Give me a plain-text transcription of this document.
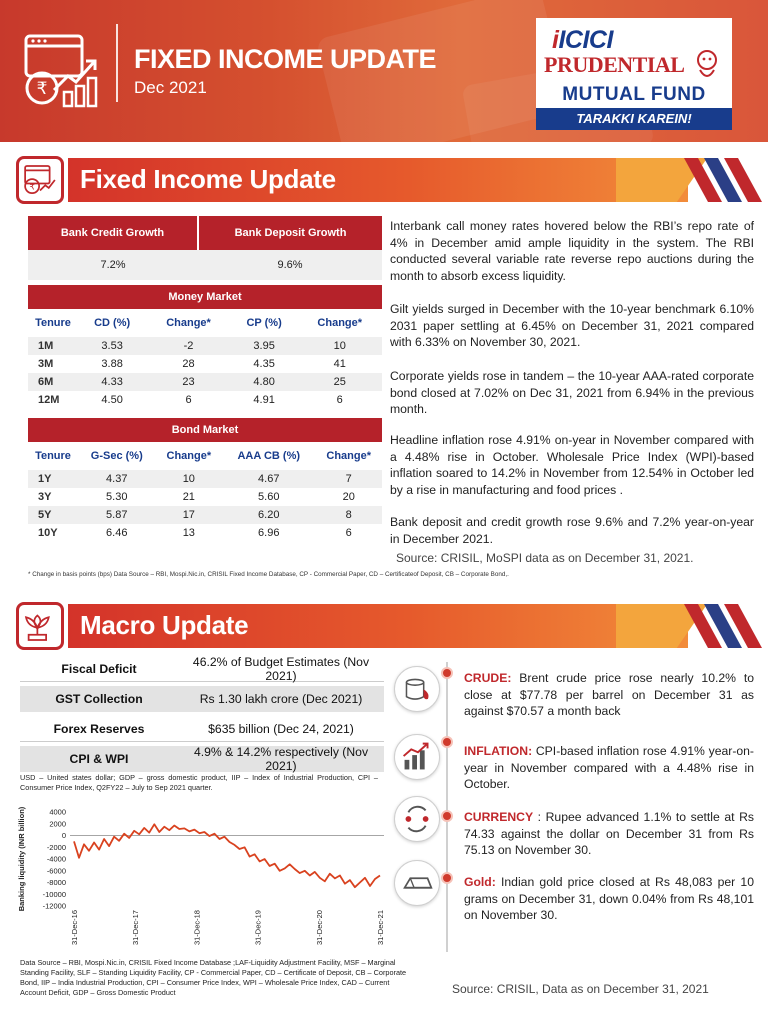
₹
FIXED INCOME UPDATE
Dec 2021
iICICI
PRUDENTIAL
MUTUAL FUND
TARAKKI KAREIN!
₹ Fixed Income Update
Bank Credit Growth	Bank Deposit Growth
7.2%	9.6%
Money Market				
Tenure	CD (%)	Change*	CP (%)	Change*
1M	3.53	-2	3.95	10
3M	3.88	28	4.35	41
6M	4.33	23	4.80	25
12M	4.50	6	4.91	6
Bond Market				
Tenure	G-Sec (%)	Change*	AAA CB (%)	Change*
1Y	4.37	10	4.67	7
3Y	5.30	21	5.60	20
5Y	5.87	17	6.20	8
10Y	6.46	13	6.96	6

Interbank call money rates hovered below the RBI’s repo rate of 4% in December amid ample liquidity in the system. The RBI conducted several variable rate reverse repo auctions during the month to absorb excess liquidity.

Gilt yields surged in December with the 10-year benchmark 6.10% 2031 paper settling at 6.45% on December 31, 2021 compared with 6.33% on November 30, 2021.

Corporate yields rose in tandem – the 10-year AAA-rated corporate bond closed at 7.02% on Dec 31, 2021 from 6.94% in the previous month.

Headline inflation rose 4.91% on-year in November compared with a 4.48% rise in October. Wholesale Price Index (WPI)-based inflation soared to 14.2% in November from 12.54% in October led by a rise in manufacturing and food prices .

Bank deposit and credit growth rose 9.6% and 7.2% year-on-year in December 2021.

Source: CRISIL, MoSPI data as on December 31, 2021.
* Change in basis points (bps) Data Source – RBI, Mospi.Nic.in, CRISIL Fixed Income Database, CP - Commercial Paper, CD – Certificateof Deposit, CB – Corporate Bond,.
Macro Update
Fiscal Deficit	46.2% of Budget Estimates (Nov 2021)
GST Collection	Rs 1.30 lakh crore (Dec 2021)
Forex Reserves	$635 billion (Dec 24, 2021)
CPI & WPI	4.9% & 14.2% respectively (Nov 2021)

USD – United states dollar; GDP – gross domestic product, IIP – Index of Industrial Production, CPI – Consumer Price Index, Q2FY22 – July to Sep 2021 quarter.

Banking liquidity (INR billion)	4000
2000
0
-2000
-4000
-6000
-8000
-10000
-12000
31-Dec-16	31-Dec-17	31-Dec-18	31-Dec-19	31-Dec-20	31-Dec-21

Data Source – RBI, Mospi.Nic.in, CRISIL Fixed Income Database ;LAF-Liquidity Adjustment Facility, MSF – Marginal Standing Facility, SLF – Standing Liquidity Facility, CP - Commercial Paper, CD – Certificate of Deposit, CB – Corporate Bond, IIP – India Industrial Production, CPI – Consumer Price Index, WPI – Wholesale Price Index, CAD – Current Account Deficit, GDP – Gross Domestic Product

CRUDE: Brent crude price rose nearly 10.2% to close at $77.78 per barrel on December 31 as against $70.57 a month back

INFLATION: CPI-based inflation rose 4.91% year-on-year in November compared with a 4.48% rise in October.

CURRENCY : Rupee advanced 1.1% to settle at Rs 74.33 against the dollar on December 31 from Rs 75.13 on November 30.

Gold: Indian gold price closed at Rs 48,083 per 10 grams on December 31, down 0.04% from Rs 48,101 on November 30.

Source: CRISIL, Data as on December 31, 2021
